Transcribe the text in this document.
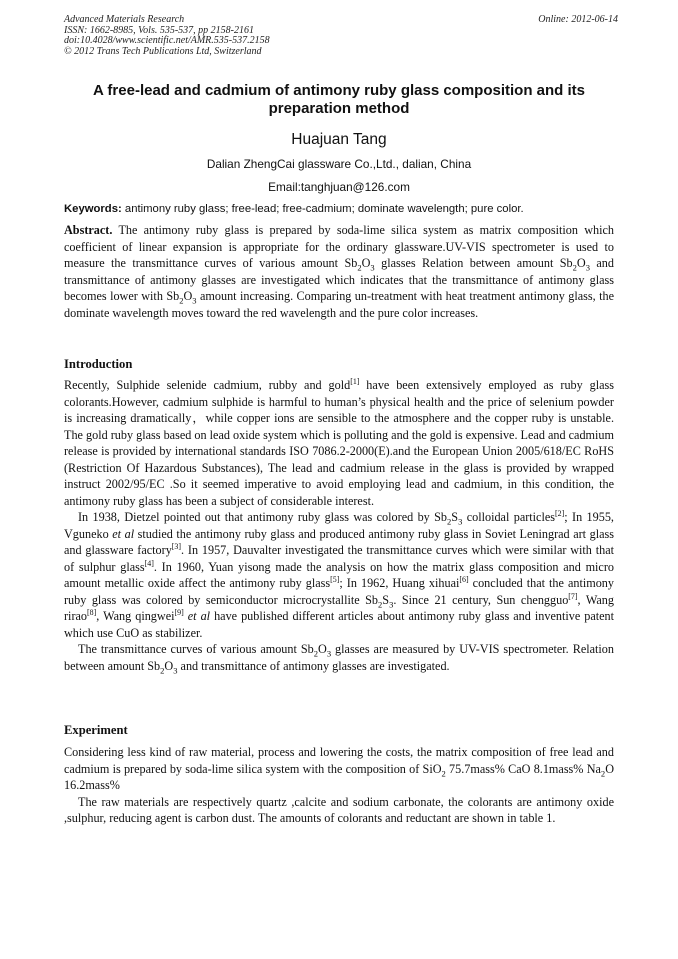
Advanced Materials Research
ISSN: 1662-8985, Vols. 535-537, pp 2158-2161
doi:10.4028/www.scientific.net/AMR.535-537.2158
© 2012 Trans Tech Publications Ltd, Switzerland
Online: 2012-06-14
A free-lead and cadmium of antimony ruby glass composition and its preparation method
Huajuan Tang
Dalian ZhengCai glassware Co.,Ltd., dalian, China
Email:tanghjuan@126.com
Keywords: antimony ruby glass; free-lead; free-cadmium; dominate wavelength; pure color.

Abstract. The antimony ruby glass is prepared by soda-lime silica system as matrix composition which coefficient of linear expansion is appropriate for the ordinary glassware.UV-VIS spectrometer is used to measure the transmittance curves of various amount $Sb_2O_3$ glasses Relation between amount $Sb_2O_3$ and transmittance of antimony glasses are investigated which indicates that the transmittance of antimony glass becomes lower with $Sb_2O_3$ amount increasing. Comparing un-treatment with heat treatment antimony glass, the dominate wavelength moves toward the red wavelength and the pure color increases.

Introduction

Recently, Sulphide selenide cadmium, rubby and gold[1] have been extensively employed as ruby glass colorants.However, cadmium sulphide is harmful to human’s physical health and the price of selenium powder is increasing dramatically，while copper ions are sensible to the atmosphere and the copper ruby is unstable. The gold ruby glass based on lead oxide system which is polluting and the gold is expensive. Lead and cadmium release is provided by international standards ISO 7086.2-2000(E).and the European Union 2005/618/EC RoHS (Restriction Of Hazardous Substances), The lead and cadmium release in the glass is provided by wrapped instruct 2002/95/EC .So it seemed imperative to avoid employing lead and cadmium, in this condition, the antimony ruby glass has been a subject of considerable interest.

In 1938, Dietzel pointed out that antimony ruby glass was colored by $Sb_2S_3$ colloidal particles[2]; In 1955, Vguneko et al studied the antimony ruby glass and produced antimony ruby glass in Soviet Leningrad art glass and glassware factory[3]. In 1957, Dauvalter investigated the transmittance curves which were similar with that of sulphur glass[4]. In 1960, Yuan yisong made the analysis on how the matrix glass composition and micro amount metallic oxide affect the antimony ruby glass[5]; In 1962, Huang xihuai[6] concluded that the antimony ruby glass was colored by semiconductor microcrystallite $Sb_2S_3$. Since 21 century, Sun chengguo[7], Wang rirao[8], Wang qingwei[9] et al have published different articles about antimony ruby glass and inventive patent which use CuO as stabilizer.

The transmittance curves of various amount $Sb_2O_3$ glasses are measured by UV-VIS spectrometer. Relation between amount $Sb_2O_3$ and transmittance of antimony glasses are investigated.

Experiment

Considering less kind of raw material, process and lowering the costs, the matrix composition of free lead and cadmium is prepared by soda-lime silica system with the composition of SiO$_2$ 75.7mass% CaO 8.1mass% $Na_2O$ 16.2mass%

The raw materials are respectively quartz ,calcite and sodium carbonate, the colorants are antimony oxide ,sulphur, reducing agent is carbon dust. The amounts of colorants and reductant are shown in table 1.
